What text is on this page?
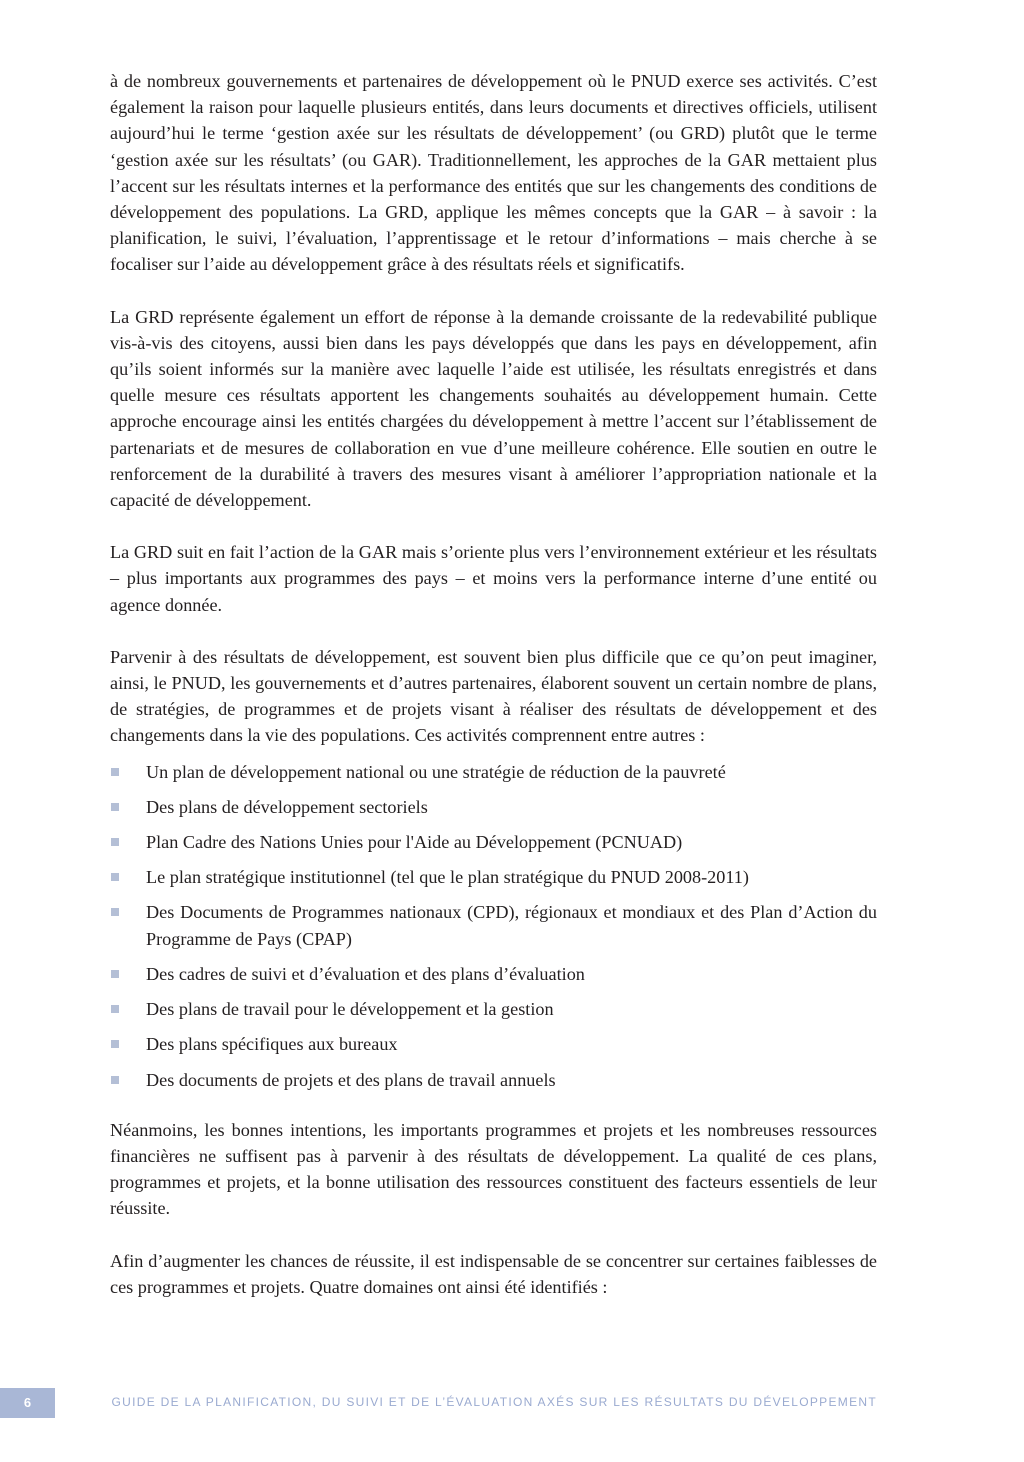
à de nombreux gouvernements et partenaires de développement où le PNUD exerce ses activités. C’est également la raison pour laquelle plusieurs entités, dans leurs documents et directives officiels, utilisent aujourd’hui le terme ‘gestion axée sur les résultats de développement’ (ou GRD) plutôt que le terme ‘gestion axée sur les résultats’ (ou GAR). Traditionnellement, les approches de la GAR mettaient plus l’accent sur les résultats internes et la performance des entités que sur les changements des conditions de développement des populations. La GRD, applique les mêmes concepts que la GAR – à savoir : la planification, le suivi, l’évaluation, l’apprentissage et le retour d’informations – mais cherche à se focaliser sur l’aide au développement grâce à des résultats réels et significatifs.

La GRD représente également un effort de réponse à la demande croissante de la redevabilité publique vis-à-vis des citoyens, aussi bien dans les pays développés que dans les pays en développement, afin qu’ils soient informés sur la manière avec laquelle l’aide est utilisée, les résultats enregistrés et dans quelle mesure ces résultats apportent les changements souhaités au développement humain. Cette approche encourage ainsi les entités chargées du développement à mettre l’accent sur l’établissement de partenariats et de mesures de collaboration en vue d’une meilleure cohérence. Elle soutien en outre le renforcement de la durabilité à travers des mesures visant à améliorer l’appropriation nationale et la capacité de développement.

La GRD suit en fait l’action de la GAR mais s’oriente plus vers l’environnement extérieur et les résultats – plus importants aux programmes des pays – et moins vers la performance interne d’une entité ou agence donnée.

Parvenir à des résultats de développement, est souvent bien plus difficile que ce qu’on peut imaginer, ainsi, le PNUD, les gouvernements et d’autres partenaires, élaborent souvent un certain nombre de plans, de stratégies, de programmes et de projets visant à réaliser des résultats de développement et des changements dans la vie des populations. Ces activités comprennent entre autres :

Un plan de développement national ou une stratégie de réduction de la pauvreté
Des plans de développement sectoriels
Plan Cadre des Nations Unies pour l'Aide au Développement (PCNUAD)
Le plan stratégique institutionnel (tel que le plan stratégique du PNUD 2008-2011)
Des Documents de Programmes nationaux (CPD), régionaux et mondiaux et des Plan d’Action du Programme de Pays (CPAP)
Des cadres de suivi et d’évaluation et des plans d’évaluation
Des plans de travail pour le développement et la gestion
Des plans spécifiques aux bureaux
Des documents de projets et des plans de travail annuels

Néanmoins, les bonnes intentions, les importants programmes et projets et les nombreuses ressources financières ne suffisent pas à parvenir à des résultats de développement. La qualité de ces plans, programmes et projets, et la bonne utilisation des ressources constituent des facteurs essentiels de leur réussite.

Afin d’augmenter les chances de réussite, il est indispensable de se concentrer sur certaines faiblesses de ces programmes et projets. Quatre domaines ont ainsi été identifiés :

6	GUIDE DE LA PLANIFICATION, DU SUIVI ET DE L’ÉVALUATION AXÉS SUR LES RÉSULTATS DU DÉVELOPPEMENT
